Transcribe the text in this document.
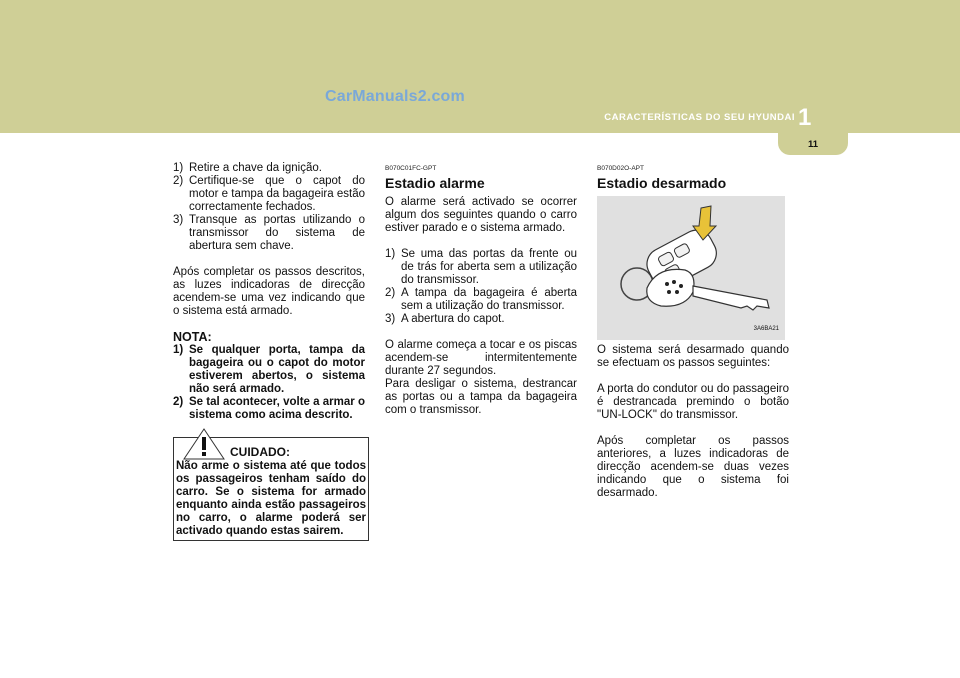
CarManuals2.com
CARACTERÍSTICAS DO SEU HYUNDAI 1
11
1) Retire a chave da ignição.
2) Certifique-se que o capot do motor e tampa da bagageira estão correctamente fechados.
3) Transque as portas utilizando o transmissor do sistema de abertura sem chave.

Após completar os passos descritos, as luzes indicadoras de direcção acendem-se uma vez indicando que o sistema está armado.

NOTA:
1) Se qualquer porta, tampa da bagageira ou o capot do motor estiverem abertos, o sistema não será armado.
2) Se tal acontecer, volte a armar o sistema como acima descrito.
CUIDADO:
Não arme o sistema até que todos os passageiros tenham saído do carro. Se o sistema for armado enquanto ainda estão passageiros no carro, o alarme poderá ser activado quando estas sairem.
B070C01FC-GPT
Estadio alarme

O alarme será activado se ocorrer algum dos seguintes quando o carro estiver parado e o sistema armado.

1) Se uma das portas da frente ou de trás for aberta sem a utilização do transmissor.
2) A tampa da bagageira é aberta sem a utilização do transmissor.
3) A abertura do capot.

O alarme começa a tocar e os piscas acendem-se intermitentemente durante 27 segundos.

Para desligar o sistema, destrancar as portas ou a tampa da bagageira com o transmissor.

B070D02O-APT
Estadio desarmado
3A6BA21

O sistema será desarmado quando se efectuam os passos seguintes:

A porta do condutor ou do passageiro é destrancada premindo o botão "UN-LOCK" do transmissor.

Após completar os passos anteriores, a luzes indicadoras de direcção acendem-se duas vezes indicando que o sistema foi desarmado.
